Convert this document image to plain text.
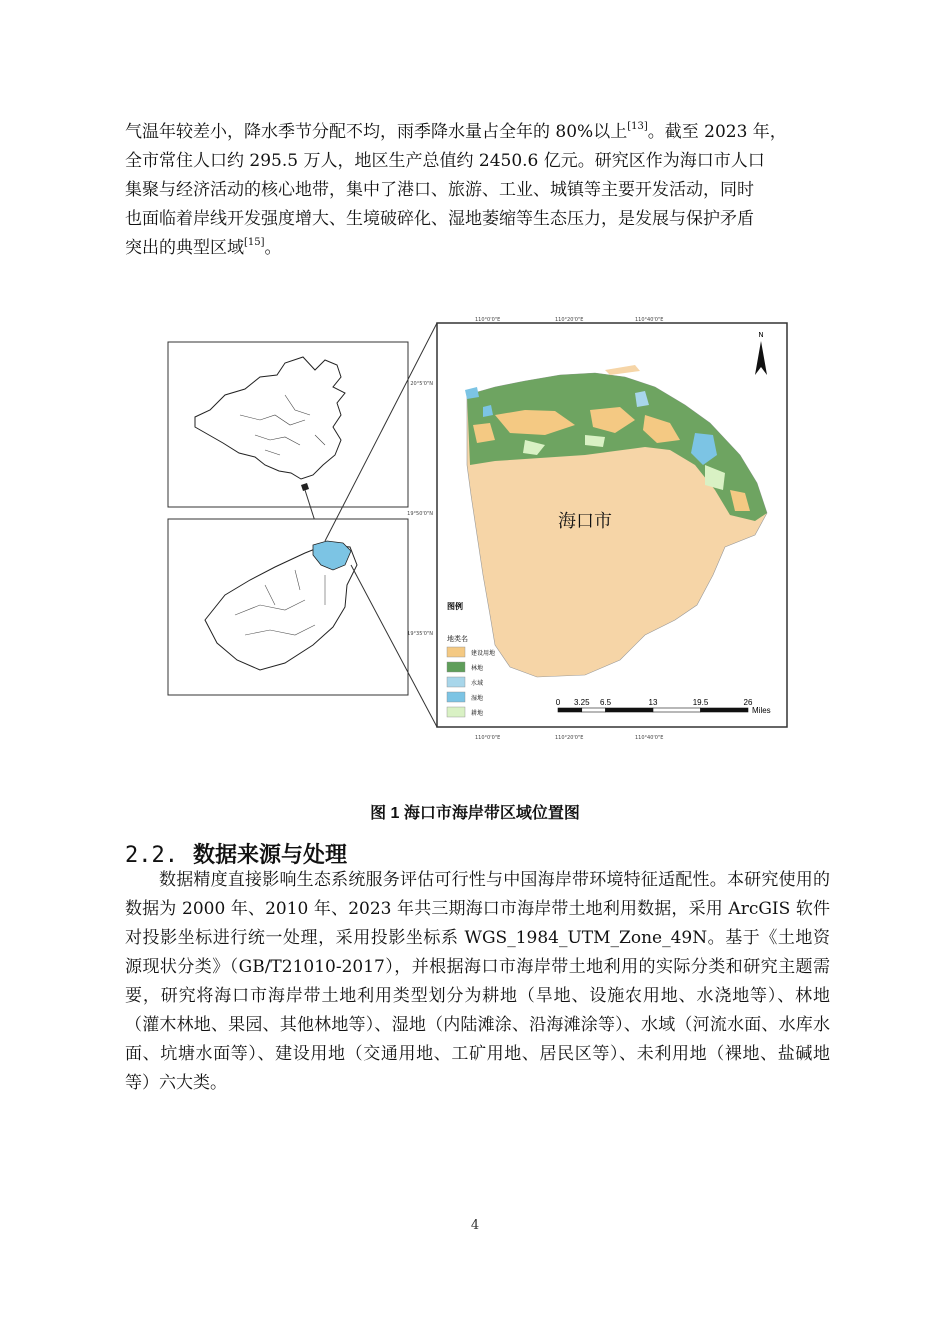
气温年较差小，降水季节分配不均，雨季降水量占全年的 80%以上[13]。截至 2023 年，

全市常住人口约 295.5 万人，地区生产总值约 2450.6 亿元。研究区作为海口市人口

集聚与经济活动的核心地带，集中了港口、旅游、工业、城镇等主要开发活动，同时

也面临着岸线开发强度增大、生境破碎化、湿地萎缩等生态压力，是发展与保护矛盾

突出的典型区域[15]。

110°0'0"E	110°20'0"E	110°40'0"E
110°0'0"E	110°20'0"E	110°40'0"E
20°5'0"N
19°50'0"N
19°35'0"N
N
海口市
图例
地类名
建设用地
林地
水域
湿地
耕地
0 3.25 6.5	13	19.5	26
Miles
图 1 海口市海岸带区域位置图
2.2. 数据来源与处理
数据精度直接影响生态系统服务评估可行性与中国海岸带环境特征适配性。本研究使用的数据为 2000 年、2010 年、2023 年共三期海口市海岸带土地利用数据，采用 ArcGIS 软件对投影坐标进行统一处理，采用投影坐标系 WGS_1984_UTM_Zone_49N。基于《土地资源现状分类》（GB/T21010-2017），并根据海口市海岸带土地利用的实际分类和研究主题需要，研究将海口市海岸带土地利用类型划分为耕地（旱地、设施农用地、水浇地等）、林地（灌木林地、果园、其他林地等）、湿地（内陆滩涂、沿海滩涂等）、水域（河流水面、水库水面、坑塘水面等）、建设用地（交通用地、工矿用地、居民区等）、未利用地（裸地、盐碱地等）六大类。
4
